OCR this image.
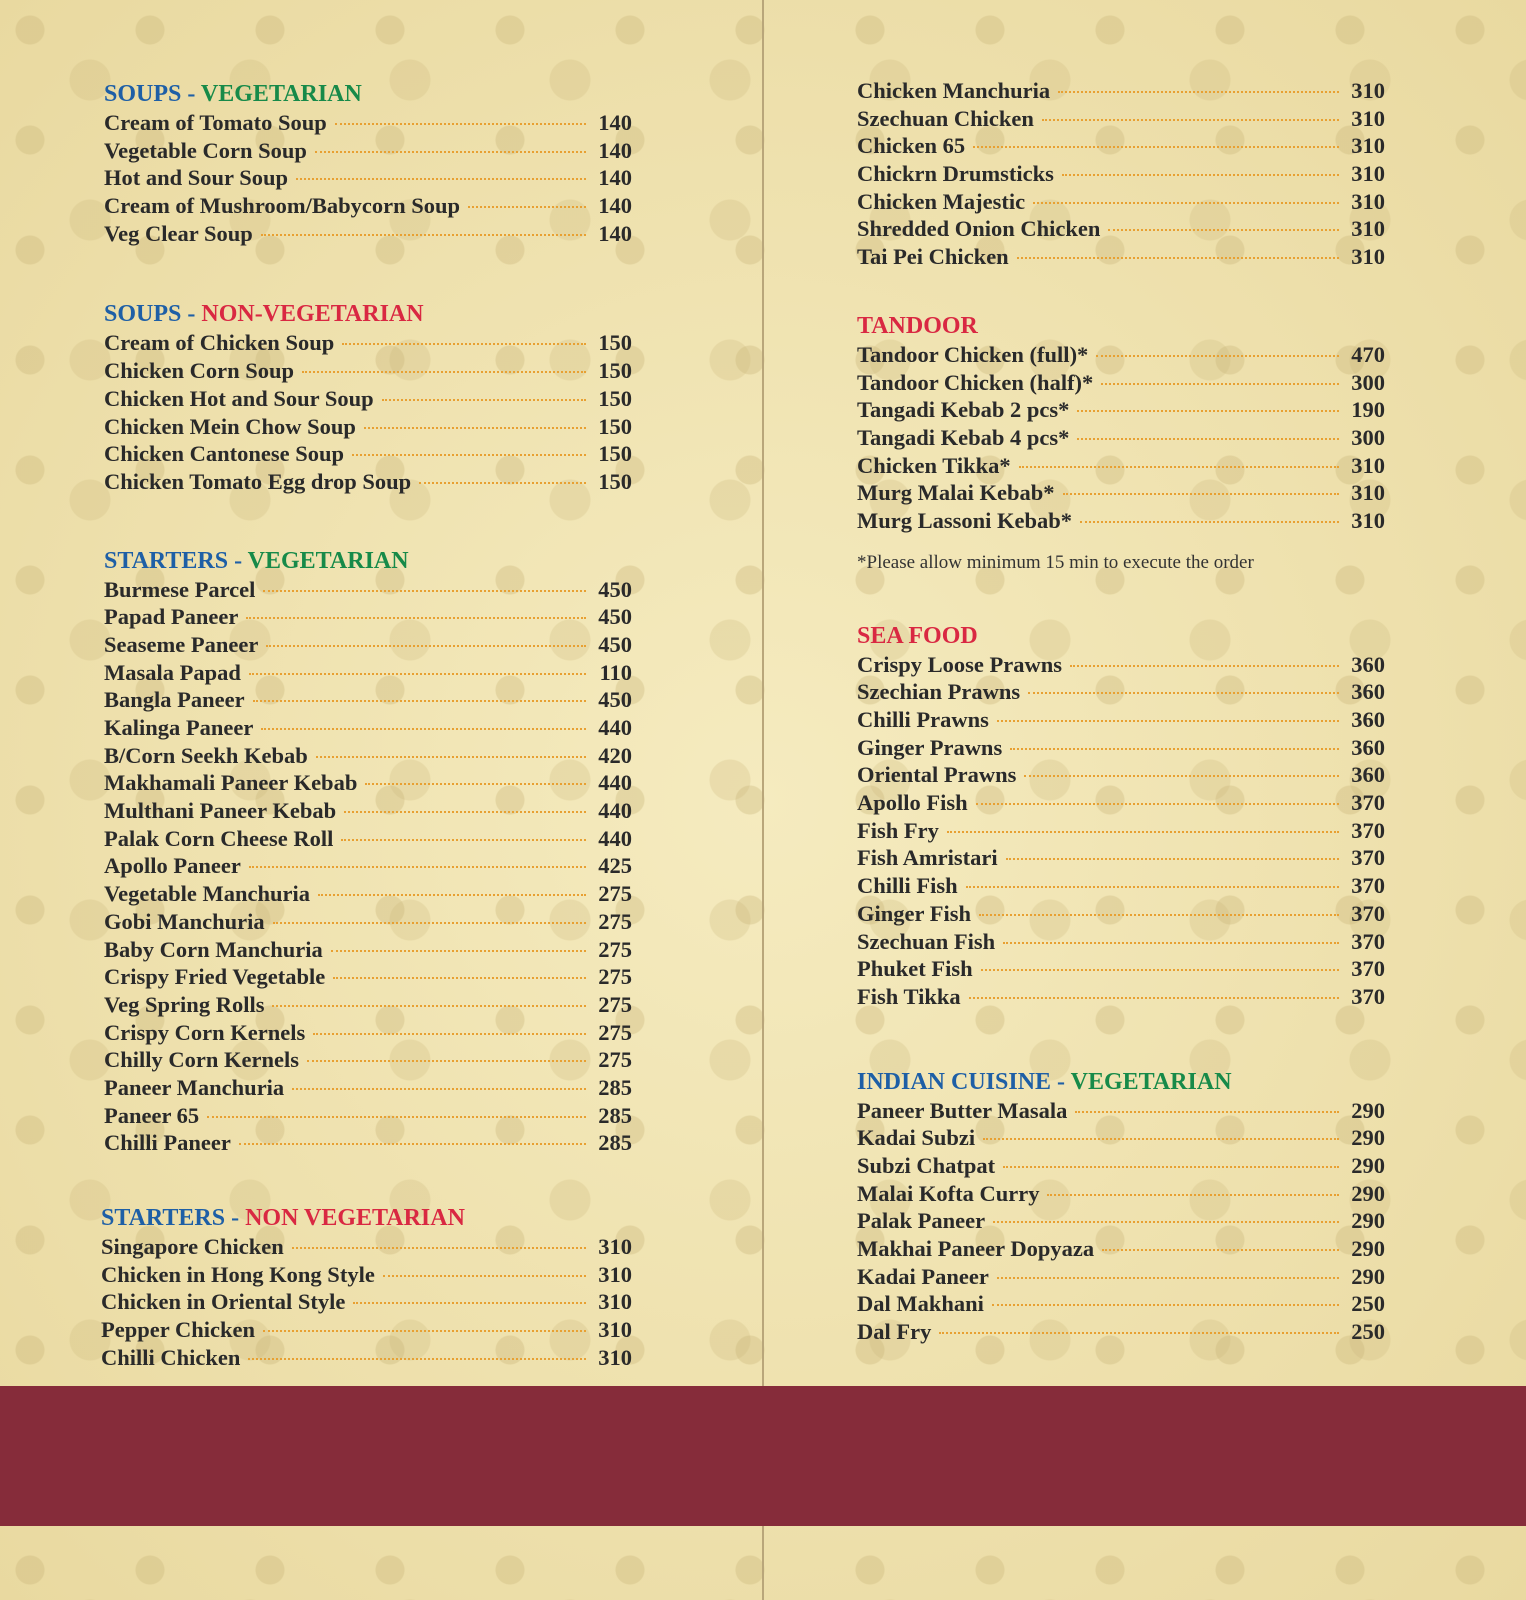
SOUPS - VEGETARIAN
Cream of Tomato Soup	140
Vegetable Corn Soup	140
Hot and Sour Soup	140
Cream of Mushroom/Babycorn Soup	140
Veg Clear Soup	140
SOUPS - NON-VEGETARIAN
Cream of Chicken Soup	150
Chicken Corn Soup	150
Chicken Hot and Sour Soup	150
Chicken Mein Chow Soup	150
Chicken Cantonese Soup	150
Chicken Tomato Egg drop Soup	150
STARTERS - VEGETARIAN
Burmese Parcel	450
Papad Paneer	450
Seaseme Paneer	450
Masala Papad	110
Bangla Paneer	450
Kalinga Paneer	440
B/Corn Seekh Kebab	420
Makhamali Paneer Kebab	440
Multhani Paneer Kebab	440
Palak Corn Cheese Roll	440
Apollo Paneer	425
Vegetable Manchuria	275
Gobi Manchuria	275
Baby Corn Manchuria	275
Crispy Fried Vegetable	275
Veg Spring Rolls	275
Crispy Corn Kernels	275
Chilly Corn Kernels	275
Paneer Manchuria	285
Paneer 65	285
Chilli Paneer	285
STARTERS - NON VEGETARIAN
Singapore Chicken	310
Chicken in Hong Kong Style	310
Chicken in Oriental Style	310
Pepper Chicken	310
Chilli Chicken	310
Chicken Manchuria	310
Szechuan Chicken	310
Chicken 65	310
Chickrn Drumsticks	310
Chicken Majestic	310
Shredded Onion Chicken	310
Tai Pei Chicken	310
TANDOOR
Tandoor Chicken (full)*	470
Tandoor Chicken (half)*	300
Tangadi Kebab 2 pcs*	190
Tangadi Kebab 4 pcs*	300
Chicken Tikka*	310
Murg Malai Kebab*	310
Murg Lassoni Kebab*	310

*Please allow minimum 15 min to execute the order

SEA FOOD
Crispy Loose Prawns	360
Szechian Prawns	360
Chilli Prawns	360
Ginger Prawns	360
Oriental Prawns	360
Apollo Fish	370
Fish Fry	370
Fish Amristari	370
Chilli Fish	370
Ginger Fish	370
Szechuan Fish	370
Phuket Fish	370
Fish Tikka	370
INDIAN CUISINE - VEGETARIAN
Paneer Butter Masala	290
Kadai Subzi	290
Subzi Chatpat	290
Malai Kofta Curry	290
Palak Paneer	290
Makhai Paneer Dopyaza	290
Kadai Paneer	290
Dal Makhani	250
Dal Fry	250
